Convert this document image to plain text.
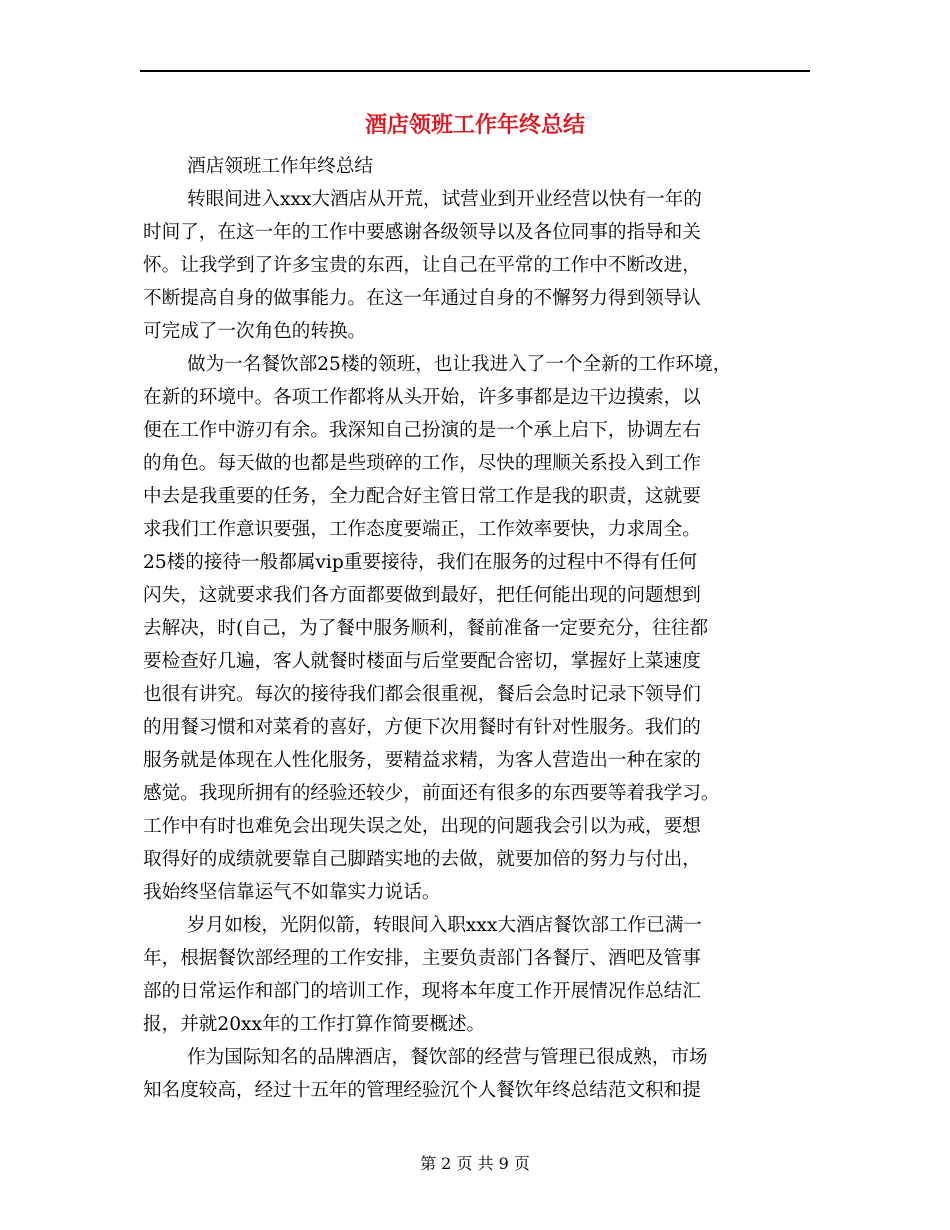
酒店领班工作年终总结
酒店领班工作年终总结
转眼间进入xxx大酒店从开荒，试营业到开业经营以快有一年的
时间了，在这一年的工作中要感谢各级领导以及各位同事的指导和关
怀。让我学到了许多宝贵的东西，让自己在平常的工作中不断改进，
不断提高自身的做事能力。在这一年通过自身的不懈努力得到领导认
可完成了一次角色的转换。
做为一名餐饮部25楼的领班，也让我进入了一个全新的工作环境，
在新的环境中。各项工作都将从头开始，许多事都是边干边摸索，以
便在工作中游刃有余。我深知自己扮演的是一个承上启下，协调左右
的角色。每天做的也都是些琐碎的工作，尽快的理顺关系投入到工作
中去是我重要的任务，全力配合好主管日常工作是我的职责，这就要
求我们工作意识要强，工作态度要端正，工作效率要快，力求周全。
25楼的接待一般都属vip重要接待，我们在服务的过程中不得有任何
闪失，这就要求我们各方面都要做到最好，把任何能出现的问题想到
去解决，时(自己，为了餐中服务顺利，餐前准备一定要充分，往往都
要检查好几遍，客人就餐时楼面与后堂要配合密切，掌握好上菜速度
也很有讲究。每次的接待我们都会很重视，餐后会急时记录下领导们
的用餐习惯和对菜肴的喜好，方便下次用餐时有针对性服务。我们的
服务就是体现在人性化服务，要精益求精，为客人营造出一种在家的
感觉。我现所拥有的经验还较少，前面还有很多的东西要等着我学习。
工作中有时也难免会出现失误之处，出现的问题我会引以为戒，要想
取得好的成绩就要靠自己脚踏实地的去做，就要加倍的努力与付出，
我始终坚信靠运气不如靠实力说话。
岁月如梭，光阴似箭，转眼间入职xxx大酒店餐饮部工作已满一
年，根据餐饮部经理的工作安排，主要负责部门各餐厅、酒吧及管事
部的日常运作和部门的培训工作，现将本年度工作开展情况作总结汇
报，并就20xx年的工作打算作简要概述。
作为国际知名的品牌酒店，餐饮部的经营与管理已很成熟，市场
知名度较高，经过十五年的管理经验沉个人餐饮年终总结范文积和提
第 2 页 共 9 页
